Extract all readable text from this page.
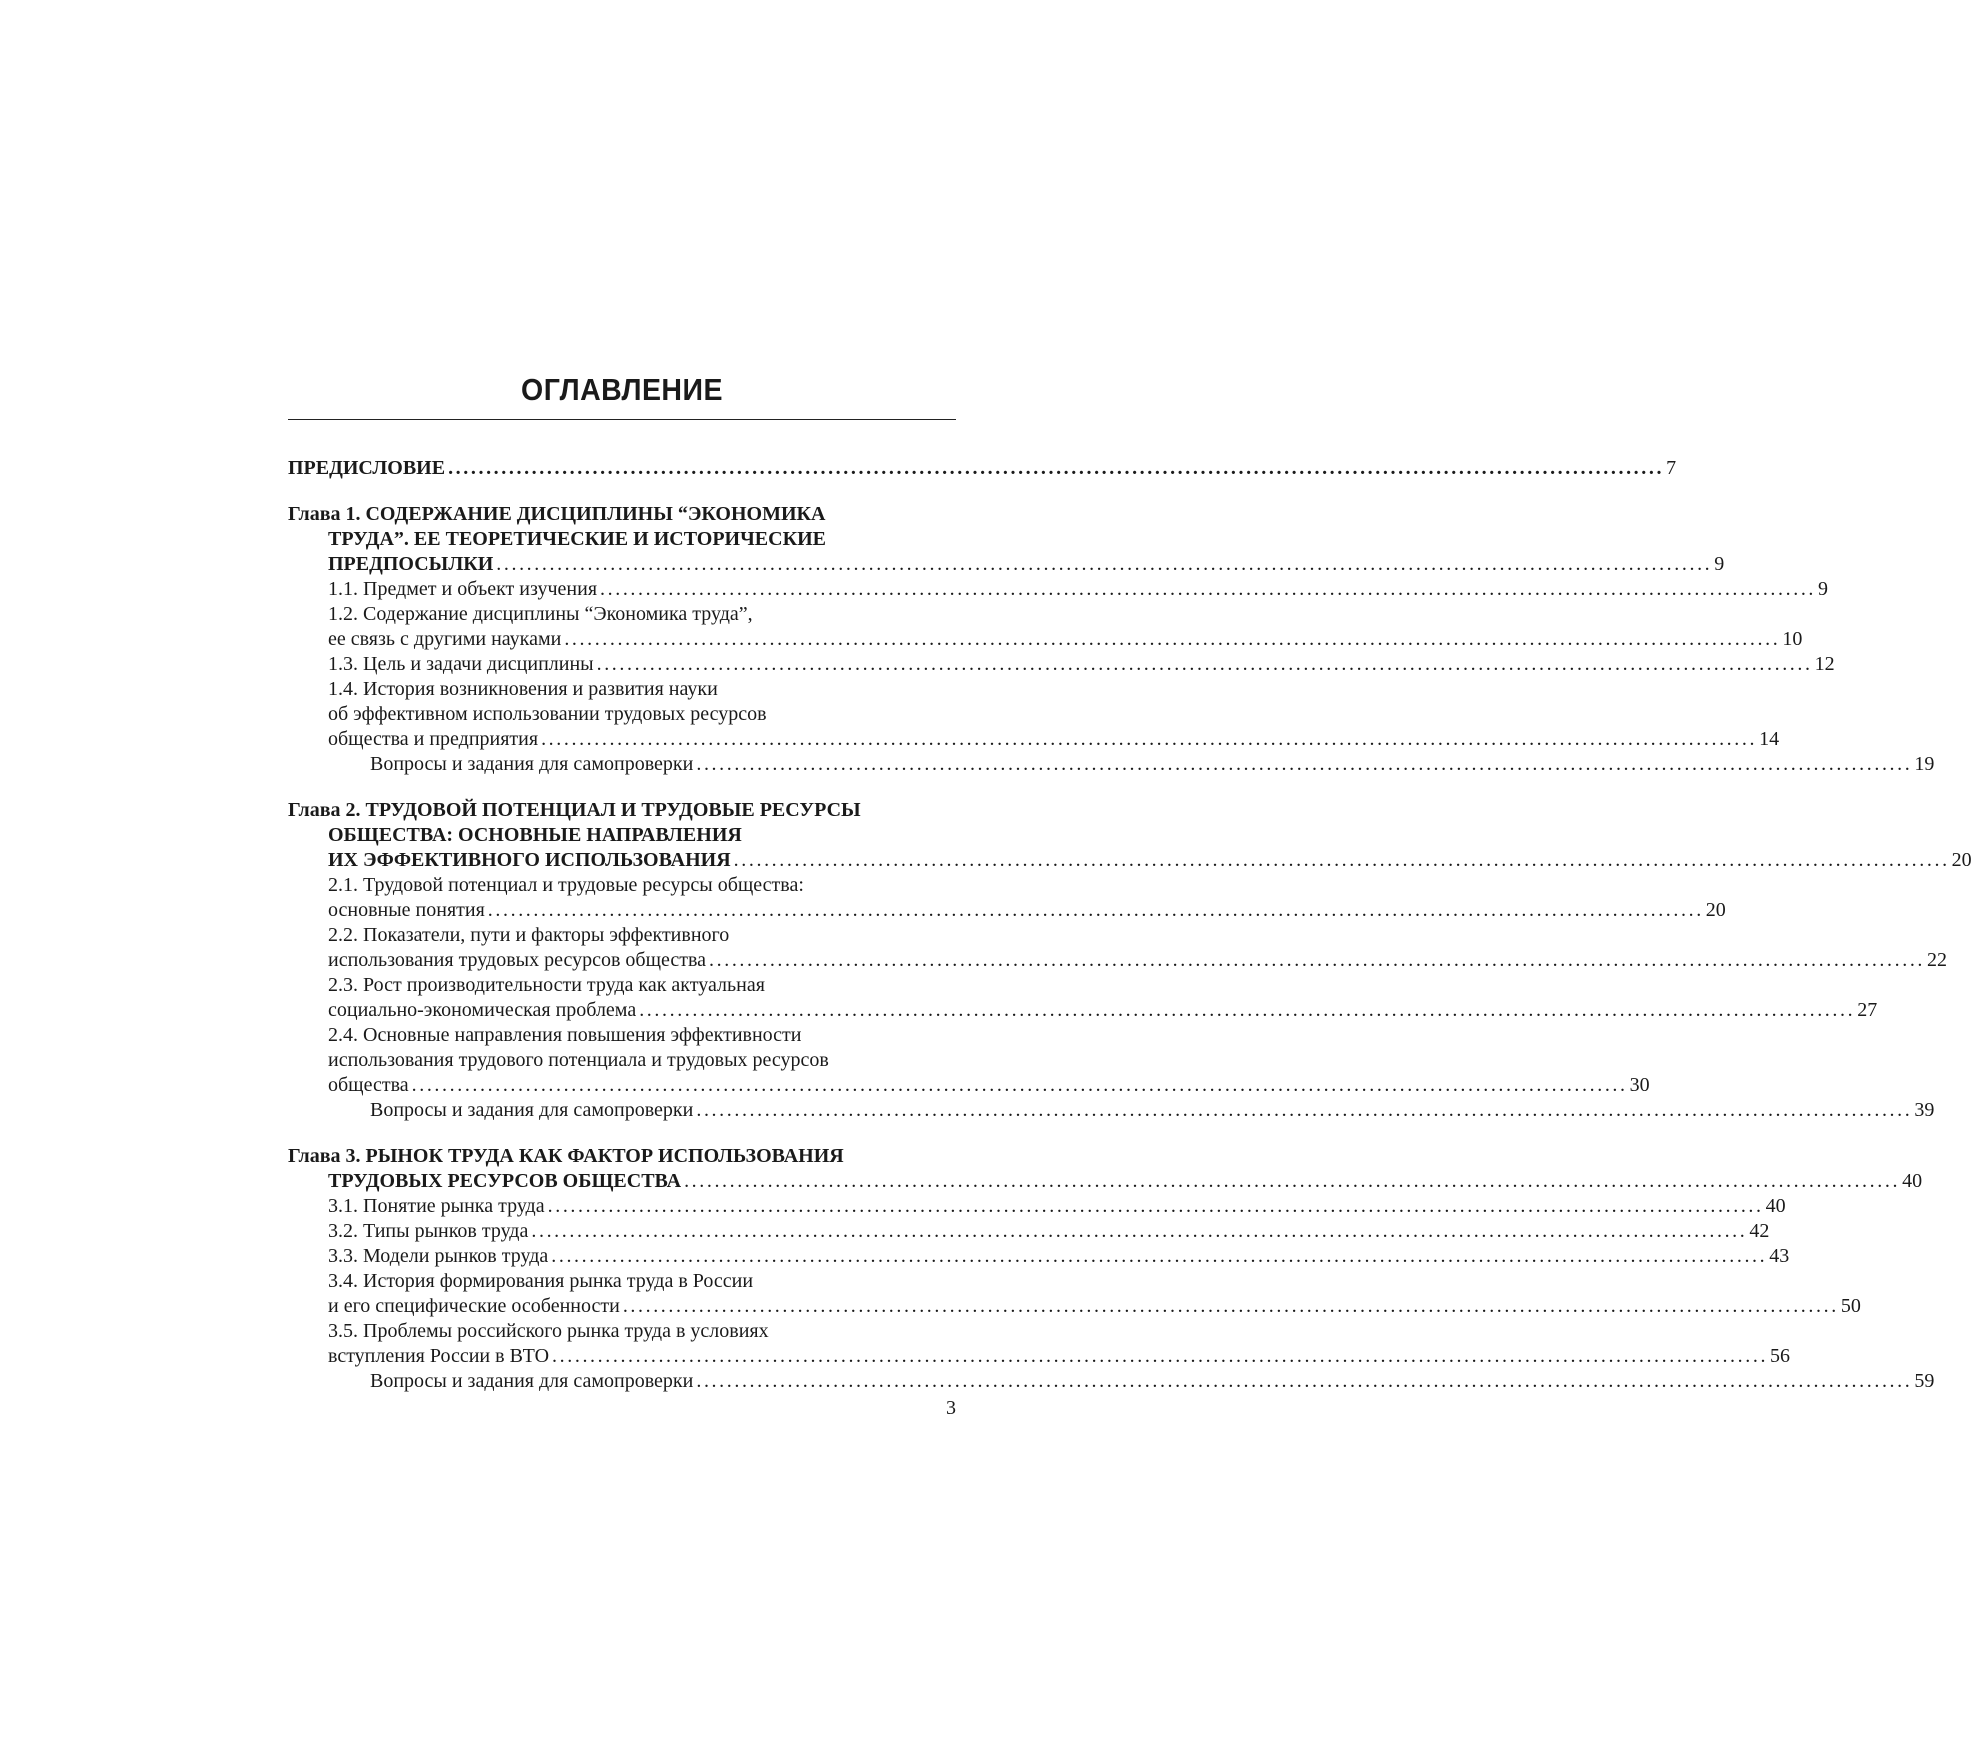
ОГЛАВЛЕНИЕ
ПРЕДИСЛОВИЕ ................................................................................................................................................................ 7
Глава 1. СОДЕРЖАНИЕ ДИСЦИПЛИНЫ “ЭКОНОМИКА
ТРУДА”. ЕЕ ТЕОРЕТИЧЕСКИЕ И ИСТОРИЧЕСКИЕ
ПРЕДПОСЫЛКИ ................................................................................................................................................................ 9
1.1. Предмет и объект изучения ................................................................................................................................................................ 9
1.2. Содержание дисциплины “Экономика труда”,
ее связь с другими науками ................................................................................................................................................................ 10
1.3. Цель и задачи дисциплины ................................................................................................................................................................ 12
1.4. История возникновения и развития науки
об эффективном использовании трудовых ресурсов
общества и предприятия ................................................................................................................................................................ 14
Вопросы и задания для самопроверки ................................................................................................................................................................ 19
Глава 2. ТРУДОВОЙ ПОТЕНЦИАЛ И ТРУДОВЫЕ РЕСУРСЫ
ОБЩЕСТВА: ОСНОВНЫЕ НАПРАВЛЕНИЯ
ИХ ЭФФЕКТИВНОГО ИСПОЛЬЗОВАНИЯ ................................................................................................................................................................ 20
2.1. Трудовой потенциал и трудовые ресурсы общества:
основные понятия ................................................................................................................................................................ 20
2.2. Показатели, пути и факторы эффективного
использования трудовых ресурсов общества ................................................................................................................................................................ 22
2.3. Рост производительности труда как актуальная
социально-экономическая проблема ................................................................................................................................................................ 27
2.4. Основные направления повышения эффективности
использования трудового потенциала и трудовых ресурсов
общества ................................................................................................................................................................ 30
Вопросы и задания для самопроверки ................................................................................................................................................................ 39
Глава 3. РЫНОК ТРУДА КАК ФАКТОР ИСПОЛЬЗОВАНИЯ
ТРУДОВЫХ РЕСУРСОВ ОБЩЕСТВА ................................................................................................................................................................ 40
3.1. Понятие рынка труда ................................................................................................................................................................ 40
3.2. Типы рынков труда ................................................................................................................................................................ 42
3.3. Модели рынков труда ................................................................................................................................................................ 43
3.4. История формирования рынка труда в России
и его специфические особенности ................................................................................................................................................................ 50
3.5. Проблемы российского рынка труда в условиях
вступления России в ВТО ................................................................................................................................................................ 56
Вопросы и задания для самопроверки ................................................................................................................................................................ 59
3
